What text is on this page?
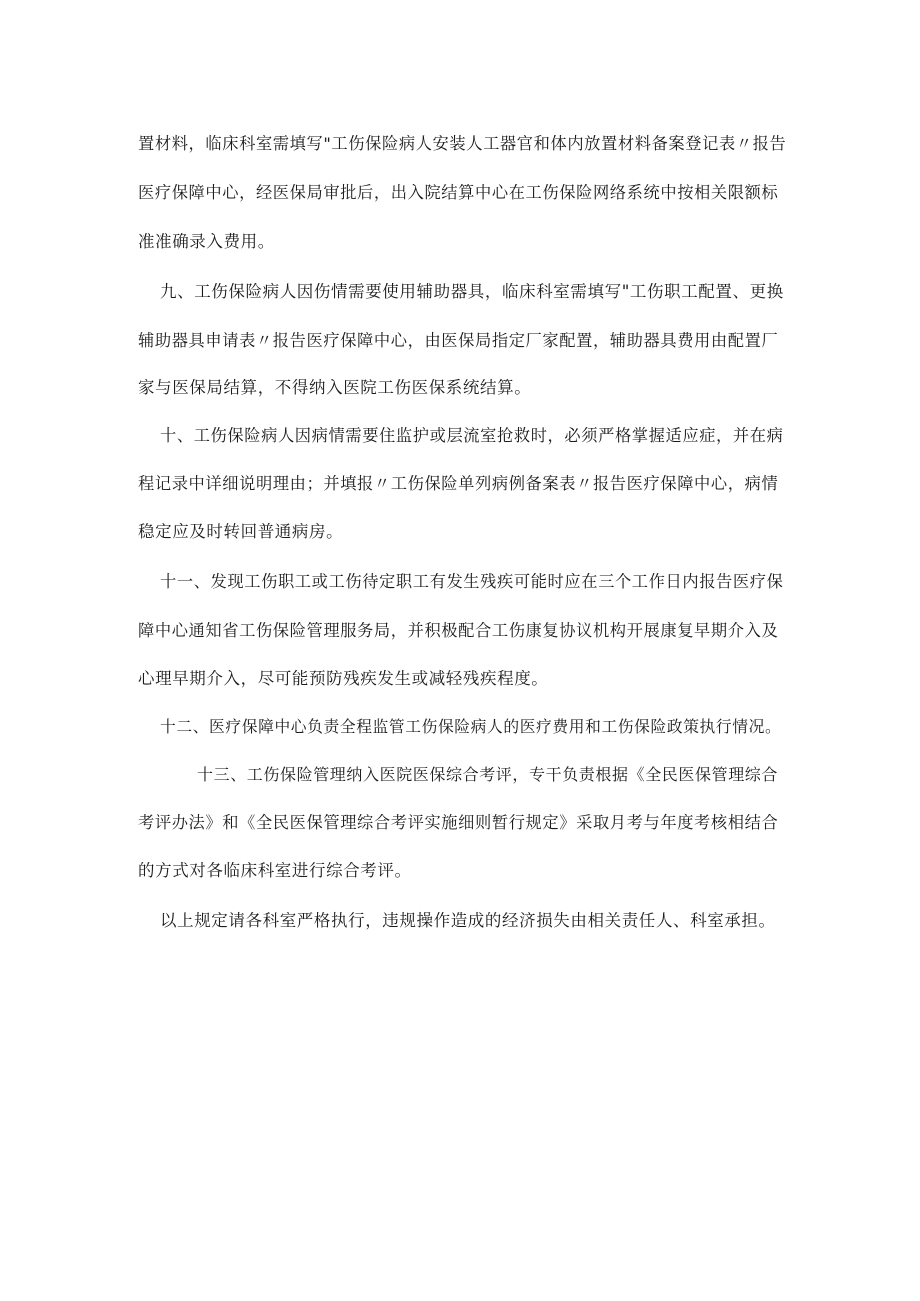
置材料，临床科室需填写"工伤保险病人安装人工器官和体内放置材料备案登记表〃报告
医疗保障中心，经医保局审批后，出入院结算中心在工伤保险网络系统中按相关限额标
准准确录入费用。
九、工伤保险病人因伤情需要使用辅助器具，临床科室需填写"工伤职工配置、更换
辅助器具申请表〃报告医疗保障中心，由医保局指定厂家配置，辅助器具费用由配置厂
家与医保局结算，不得纳入医院工伤医保系统结算。
十、工伤保险病人因病情需要住监护或层流室抢救时，必须严格掌握适应症，并在病
程记录中详细说明理由；并填报〃工伤保险单列病例备案表〃报告医疗保障中心，病情
稳定应及时转回普通病房。
十一、发现工伤职工或工伤待定职工有发生残疾可能时应在三个工作日内报告医疗保
障中心通知省工伤保险管理服务局，并积极配合工伤康复协议机构开展康复早期介入及
心理早期介入，尽可能预防残疾发生或减轻残疾程度。
十二、医疗保障中心负责全程监管工伤保险病人的医疗费用和工伤保险政策执行情况。
十三、工伤保险管理纳入医院医保综合考评，专干负责根据《全民医保管理综合
考评办法》和《全民医保管理综合考评实施细则暂行规定》采取月考与年度考核相结合
的方式对各临床科室进行综合考评。
以上规定请各科室严格执行，违规操作造成的经济损失由相关责任人、科室承担。
